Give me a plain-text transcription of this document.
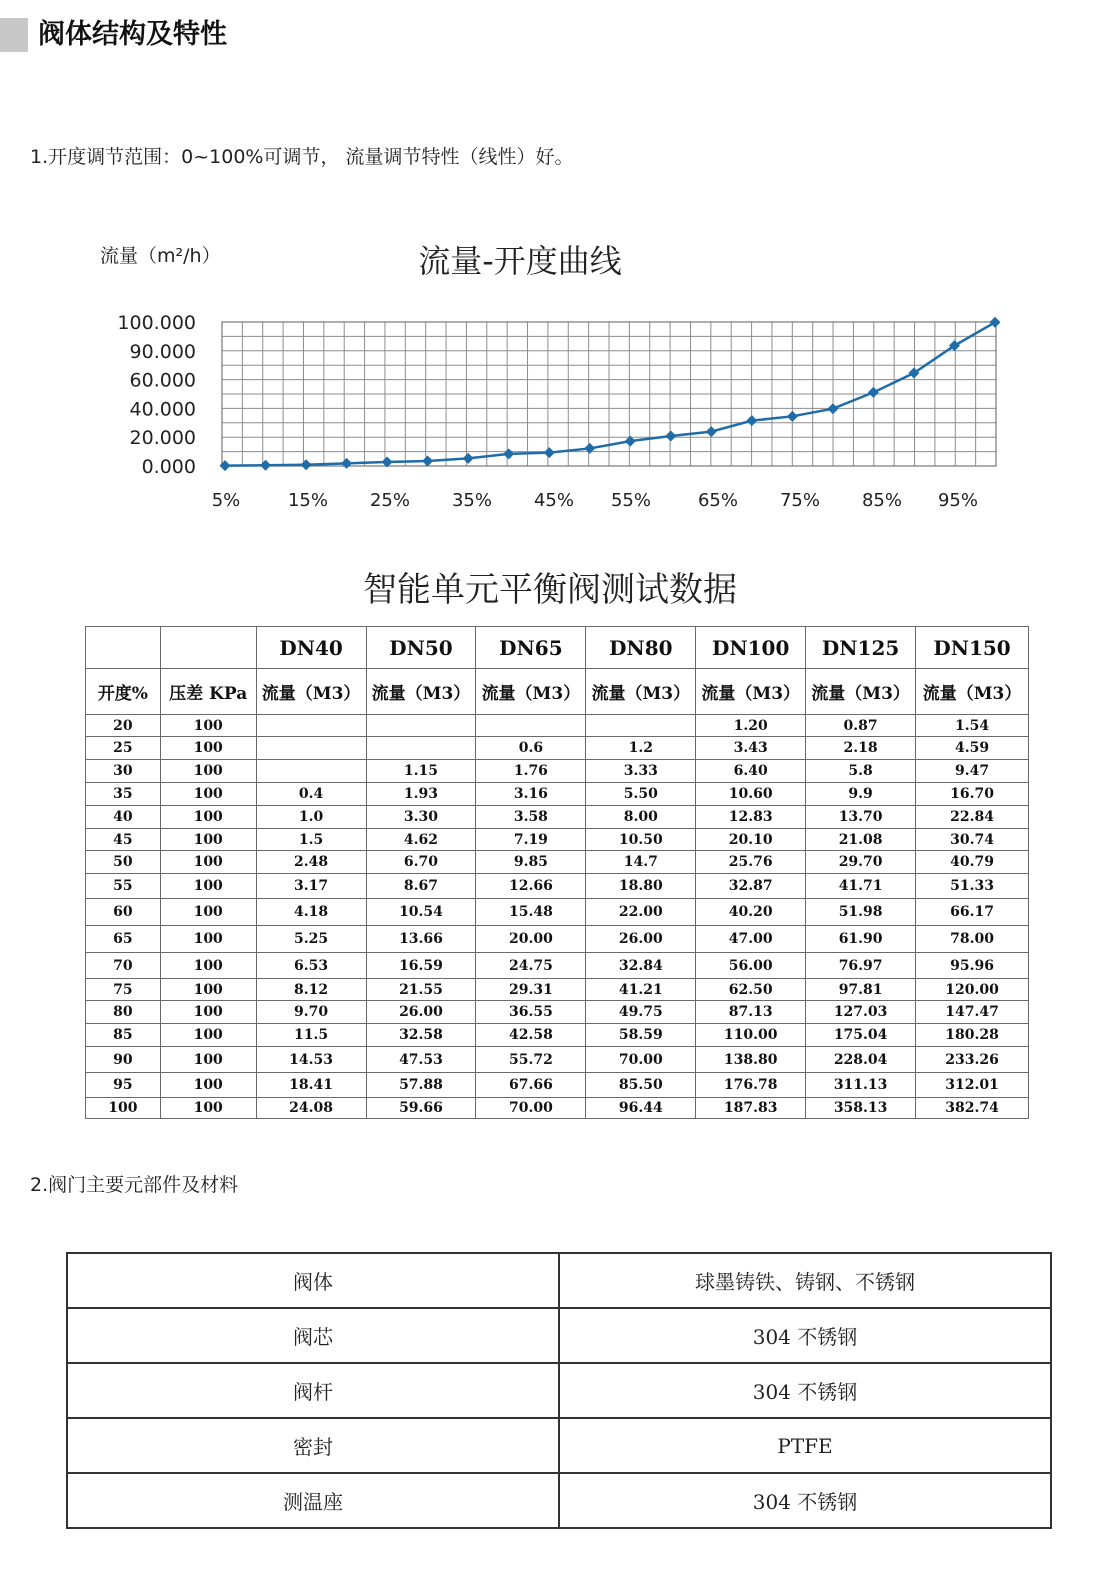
阀体结构及特性
1.开度调节范围：0~100%可调节， 流量调节特性（线性）好。
0.000
20.000
40.000
60.000
90.000
100.000
5%	15% 25% 35% 45% 55%	65% 75% 85% 95%
流量-开度曲线
流量（m²/h）
智能单元平衡阀测试数据
		DN40	DN50	DN65	DN80	DN100	DN125	DN150
开度%	压差 KPa	流量（M3）	流量（M3）	流量（M3）	流量（M3）	流量（M3）	流量（M3）	流量（M3）
20	100					1.20	0.87	1.54
25	100			0.6	1.2	3.43	2.18	4.59
30	100		1.15	1.76	3.33	6.40	5.8	9.47
35	100	0.4	1.93	3.16	5.50	10.60	9.9	16.70
40	100	1.0	3.30	3.58	8.00	12.83	13.70	22.84
45	100	1.5	4.62	7.19	10.50	20.10	21.08	30.74
50	100	2.48	6.70	9.85	14.7	25.76	29.70	40.79
55	100	3.17	8.67	12.66	18.80	32.87	41.71	51.33
60	100	4.18	10.54	15.48	22.00	40.20	51.98	66.17
65	100	5.25	13.66	20.00	26.00	47.00	61.90	78.00
70	100	6.53	16.59	24.75	32.84	56.00	76.97	95.96
75	100	8.12	21.55	29.31	41.21	62.50	97.81	120.00
80	100	9.70	26.00	36.55	49.75	87.13	127.03	147.47
85	100	11.5	32.58	42.58	58.59	110.00	175.04	180.28
90	100	14.53	47.53	55.72	70.00	138.80	228.04	233.26
95	100	18.41	57.88	67.66	85.50	176.78	311.13	312.01
100	100	24.08	59.66	70.00	96.44	187.83	358.13	382.74
2.阀门主要元部件及材料
阀体	球墨铸铁、铸钢、不锈钢
阀芯	304 不锈钢
阀杆	304 不锈钢
密封	PTFE
测温座	304 不锈钢
